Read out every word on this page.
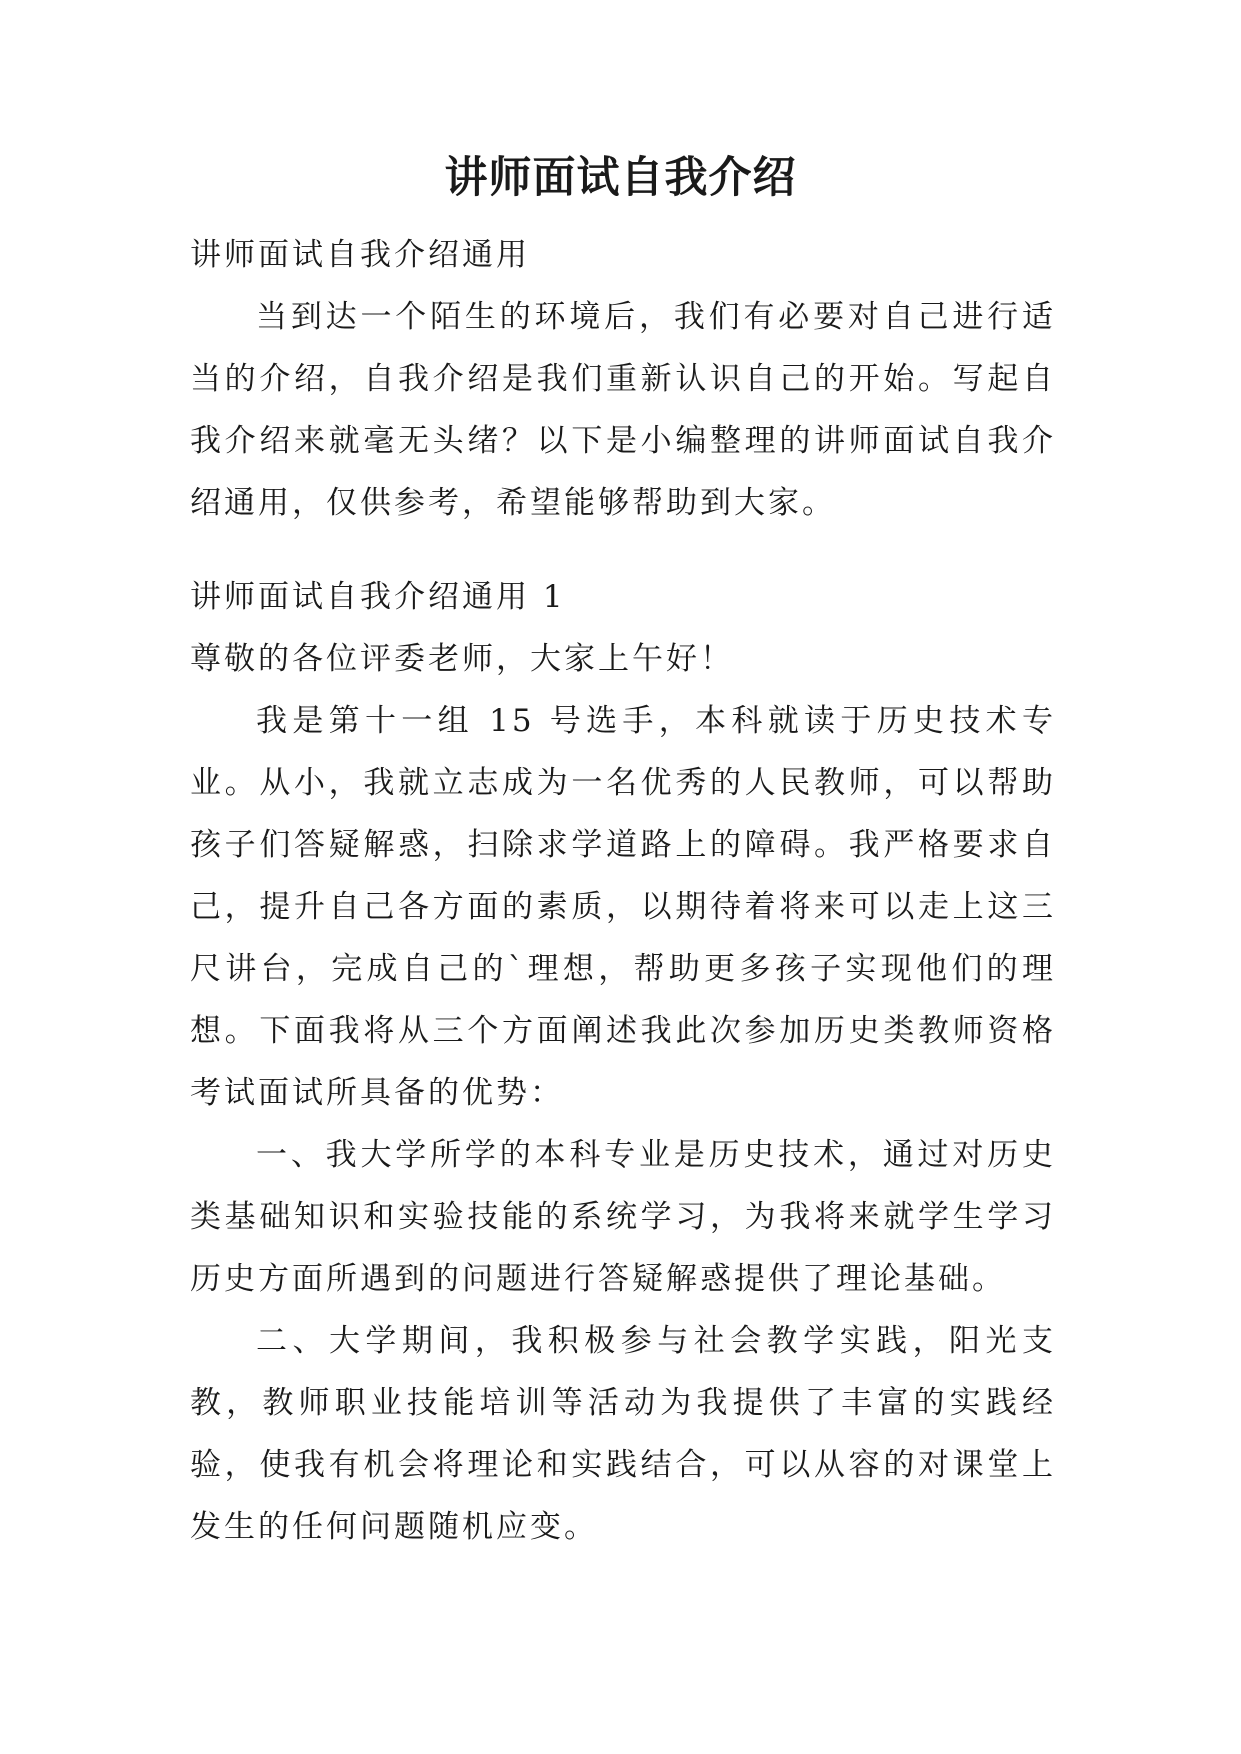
讲师面试自我介绍

讲师面试自我介绍通用

当到达一个陌生的环境后，我们有必要对自己进行适当的介绍，自我介绍是我们重新认识自己的开始。写起自我介绍来就毫无头绪？以下是小编整理的讲师面试自我介绍通用，仅供参考，希望能够帮助到大家。

讲师面试自我介绍通用 1

尊敬的各位评委老师，大家上午好！

我是第十一组 15 号选手，本科就读于历史技术专业。从小，我就立志成为一名优秀的人民教师，可以帮助孩子们答疑解惑，扫除求学道路上的障碍。我严格要求自己，提升自己各方面的素质，以期待着将来可以走上这三尺讲台，完成自己的`理想，帮助更多孩子实现他们的理想。下面我将从三个方面阐述我此次参加历史类教师资格考试面试所具备的优势：

一、我大学所学的本科专业是历史技术，通过对历史类基础知识和实验技能的系统学习，为我将来就学生学习历史方面所遇到的问题进行答疑解惑提供了理论基础。

二、大学期间，我积极参与社会教学实践，阳光支教，教师职业技能培训等活动为我提供了丰富的实践经验，使我有机会将理论和实践结合，可以从容的对课堂上发生的任何问题随机应变。
